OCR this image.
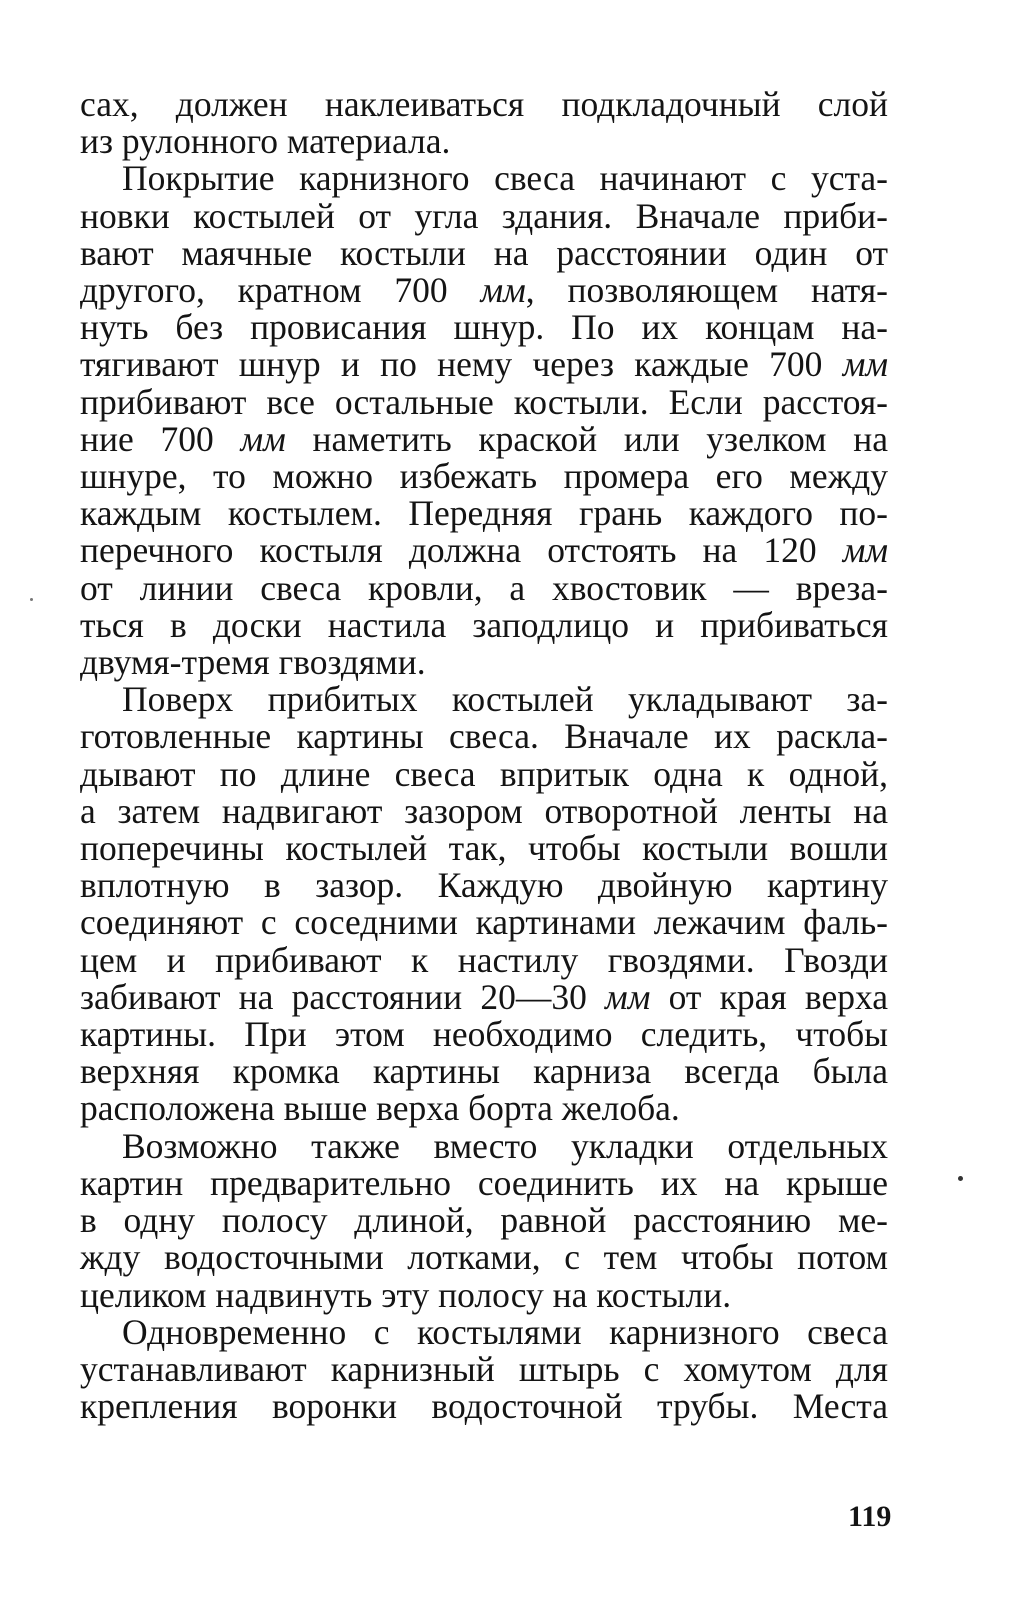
сах, должен наклеиваться подкладочный слой

из рулонного материала.

Покрытие карнизного свеса начинают с уста-

новки костылей от угла здания. Вначале приби-

вают маячные костыли на расстоянии один от

другого, кратном 700 мм, позволяющем натя-

нуть без провисания шнур. По их концам на-

тягивают шнур и по нему через каждые 700 мм

прибивают все остальные костыли. Если расстоя-

ние 700 мм наметить краской или узелком на

шнуре, то можно избежать промера его между

каждым костылем. Передняя грань каждого по-

перечного костыля должна отстоять на 120 мм

от линии свеса кровли, а хвостовик — вреза-

ться в доски настила заподлицо и прибиваться

двумя-тремя гвоздями.

Поверх прибитых костылей укладывают за-

готовленные картины свеса. Вначале их раскла-

дывают по длине свеса впритык одна к одной,

а затем надвигают зазором отворотной ленты на

поперечины костылей так, чтобы костыли вошли

вплотную в зазор. Каждую двойную картину

соединяют с соседними картинами лежачим фаль-

цем и прибивают к настилу гвоздями. Гвозди

забивают на расстоянии 20—30 мм от края верха

картины. При этом необходимо следить, чтобы

верхняя кромка картины карниза всегда была

расположена выше верха борта желоба.

Возможно также вместо укладки отдельных

картин предварительно соединить их на крыше

в одну полосу длиной, равной расстоянию ме-

жду водосточными лотками, с тем чтобы потом

целиком надвинуть эту полосу на костыли.

Одновременно с костылями карнизного свеса

устанавливают карнизный штырь с хомутом для

крепления воронки водосточной трубы. Места

119
